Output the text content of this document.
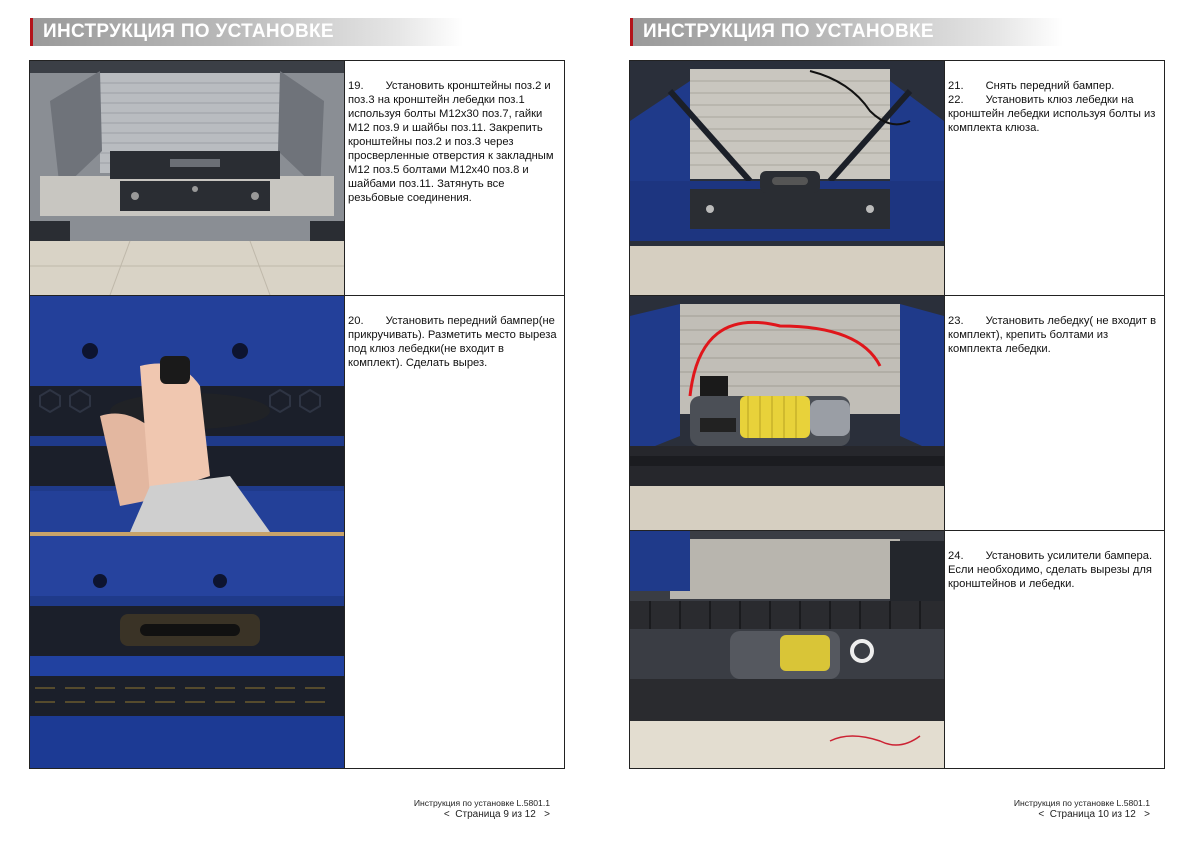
ИНСТРУКЦИЯ ПО УСТАНОВКЕ
19. Установить кронштейны поз.2 и поз.3 на кронштейн лебедки поз.1 используя болты M12x30 поз.7, гайки M12 поз.9 и шайбы поз.11. Закрепить кронштейны поз.2 и поз.3 через просверленные отверстия к закладным M12 поз.5 болтами M12x40 поз.8 и шайбами поз.11. Затянуть все резьбовые соединения.
20. Установить передний бампер(не прикручивать). Разметить место выреза под клюз лебедки(не входит в комплект). Сделать вырез.
Инструкция по установке L.5801.1
< Страница 9 из 12 >
ИНСТРУКЦИЯ ПО УСТАНОВКЕ
21. Снять передний бампер.
22. Установить клюз лебедки на кронштейн лебедки используя болты из комплекта клюза.
23. Установить лебедку( не входит в комплект), крепить болтами из комплекта лебедки.
24. Установить усилители бампера. Если необходимо, сделать вырезы для кронштейнов и лебедки.
Инструкция по установке L.5801.1
< Страница 10 из 12 >
